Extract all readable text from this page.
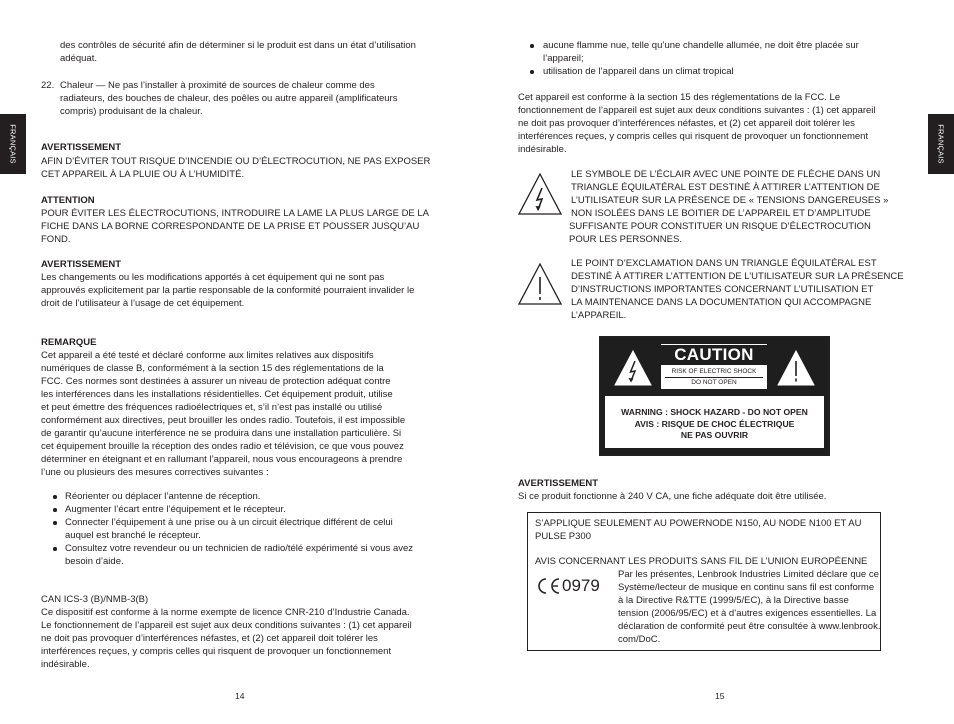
FRANÇAIS	FRANÇAIS
des contrôles de sécurité afin de déterminer si le produit est dans un état d’utilisation
adéquat.
22. Chaleur — Ne pas l’installer à proximité de sources de chaleur comme des
radiateurs, des bouches de chaleur, des poêles ou autre appareil (amplificateurs
compris) produisant de la chaleur.
AVERTISSEMENT
AFIN D’ÉVITER TOUT RISQUE D’INCENDIE OU D’ÉLECTROCUTION, NE PAS EXPOSER
CET APPAREIL À LA PLUIE OU À L’HUMIDITÉ.
ATTENTION
POUR ÉVITER LES ÉLECTROCUTIONS, INTRODUIRE LA LAME LA PLUS LARGE DE LA
FICHE DANS LA BORNE CORRESPONDANTE DE LA PRISE ET POUSSER JUSQU’AU
FOND.
AVERTISSEMENT
Les changements ou les modifications apportés à cet équipement qui ne sont pas
approuvés explicitement par la partie responsable de la conformité pourraient invalider le
droit de l’utilisateur à l’usage de cet équipement.
REMARQUE
Cet appareil a été testé et déclaré conforme aux limites relatives aux dispositifs
numériques de classe B, conformément à la section 15 des réglementations de la
FCC. Ces normes sont destinées à assurer un niveau de protection adéquat contre
les interférences dans les installations résidentielles. Cet équipement produit, utilise
et peut émettre des fréquences radioélectriques et, s’il n’est pas installé ou utilisé
conformément aux directives, peut brouiller les ondes radio. Toutefois, il est impossible
de garantir qu’aucune interférence ne se produira dans une installation particulière. Si
cet équipement brouille la réception des ondes radio et télévision, ce que vous pouvez
déterminer en éteignant et en rallumant l’appareil, nous vous encourageons à prendre
l’une ou plusieurs des mesures correctives suivantes :
Réorienter ou déplacer l’antenne de réception.
Augmenter l’écart entre l’équipement et le récepteur.
Connecter l’équipement à une prise ou à un circuit électrique différent de celui
auquel est branché le récepteur.
Consultez votre revendeur ou un technicien de radio/télé expérimenté si vous avez
besoin d’aide.
CAN ICS-3 (B)/NMB-3(B)
Ce dispositif est conforme à la norme exempte de licence CNR-210 d’Industrie Canada.
Le fonctionnement de l’appareil est sujet aux deux conditions suivantes : (1) cet appareil
ne doit pas provoquer d’interférences néfastes, et (2) cet appareil doit tolérer les
interférences reçues, y compris celles qui risquent de provoquer un fonctionnement
indésirable.
14
aucune flamme nue, telle qu’une chandelle allumée, ne doit être placée sur
l’appareil;
utilisation de l’appareil dans un climat tropical
Cet appareil est conforme à la section 15 des réglementations de la FCC. Le
fonctionnement de l’appareil est sujet aux deux conditions suivantes : (1) cet appareil
ne doit pas provoquer d’interférences néfastes, et (2) cet appareil doit tolérer les
interférences reçues, y compris celles qui risquent de provoquer un fonctionnement
indésirable.
LE SYMBOLE DE L’ÉCLAIR AVEC UNE POINTE DE FLÈCHE DANS UN
TRIANGLE ÉQUILATÉRAL EST DESTINÉ À ATTIRER L’ATTENTION DE
L’UTILISATEUR SUR LA PRÉSENCE DE « TENSIONS DANGEREUSES »
NON ISOLÉES DANS LE BOITIER DE L’APPAREIL ET D’AMPLITUDE
SUFFISANTE POUR CONSTITUER UN RISQUE D’ÉLECTROCUTION
POUR LES PERSONNES.
LE POINT D’EXCLAMATION DANS UN TRIANGLE ÉQUILATÉRAL EST
DESTINÉ À ATTIRER L’ATTENTION DE L’UTILISATEUR SUR LA PRÉSENCE
D’INSTRUCTIONS IMPORTANTES CONCERNANT L’UTILISATION ET
LA MAINTENANCE DANS LA DOCUMENTATION QUI ACCOMPAGNE
L’APPAREIL.
CAUTION
RISK OF ELECTRIC SHOCK
DO NOT OPEN
WARNING : SHOCK HAZARD - DO NOT OPEN
AVIS : RISQUE DE CHOC ÉLECTRIQUE
NE PAS OUVRIR
AVERTISSEMENT
Si ce produit fonctionne à 240 V CA, une fiche adéquate doit être utilisée.
S’APPLIQUE SEULEMENT AU POWERNODE N150, AU NODE N100 ET AU
PULSE P300
AVIS CONCERNANT LES PRODUITS SANS FIL DE L’UNION EUROPÉENNE
0979
Par les présentes, Lenbrook Industries Limited déclare que ce
Système/lecteur de musique en continu sans fil est conforme
à la Directive R&TTE (1999/5/EC), à la Directive basse
tension (2006/95/EC) et à d’autres exigences essentielles. La
déclaration de conformité peut être consultée à www.lenbrook.
com/DoC.
15
